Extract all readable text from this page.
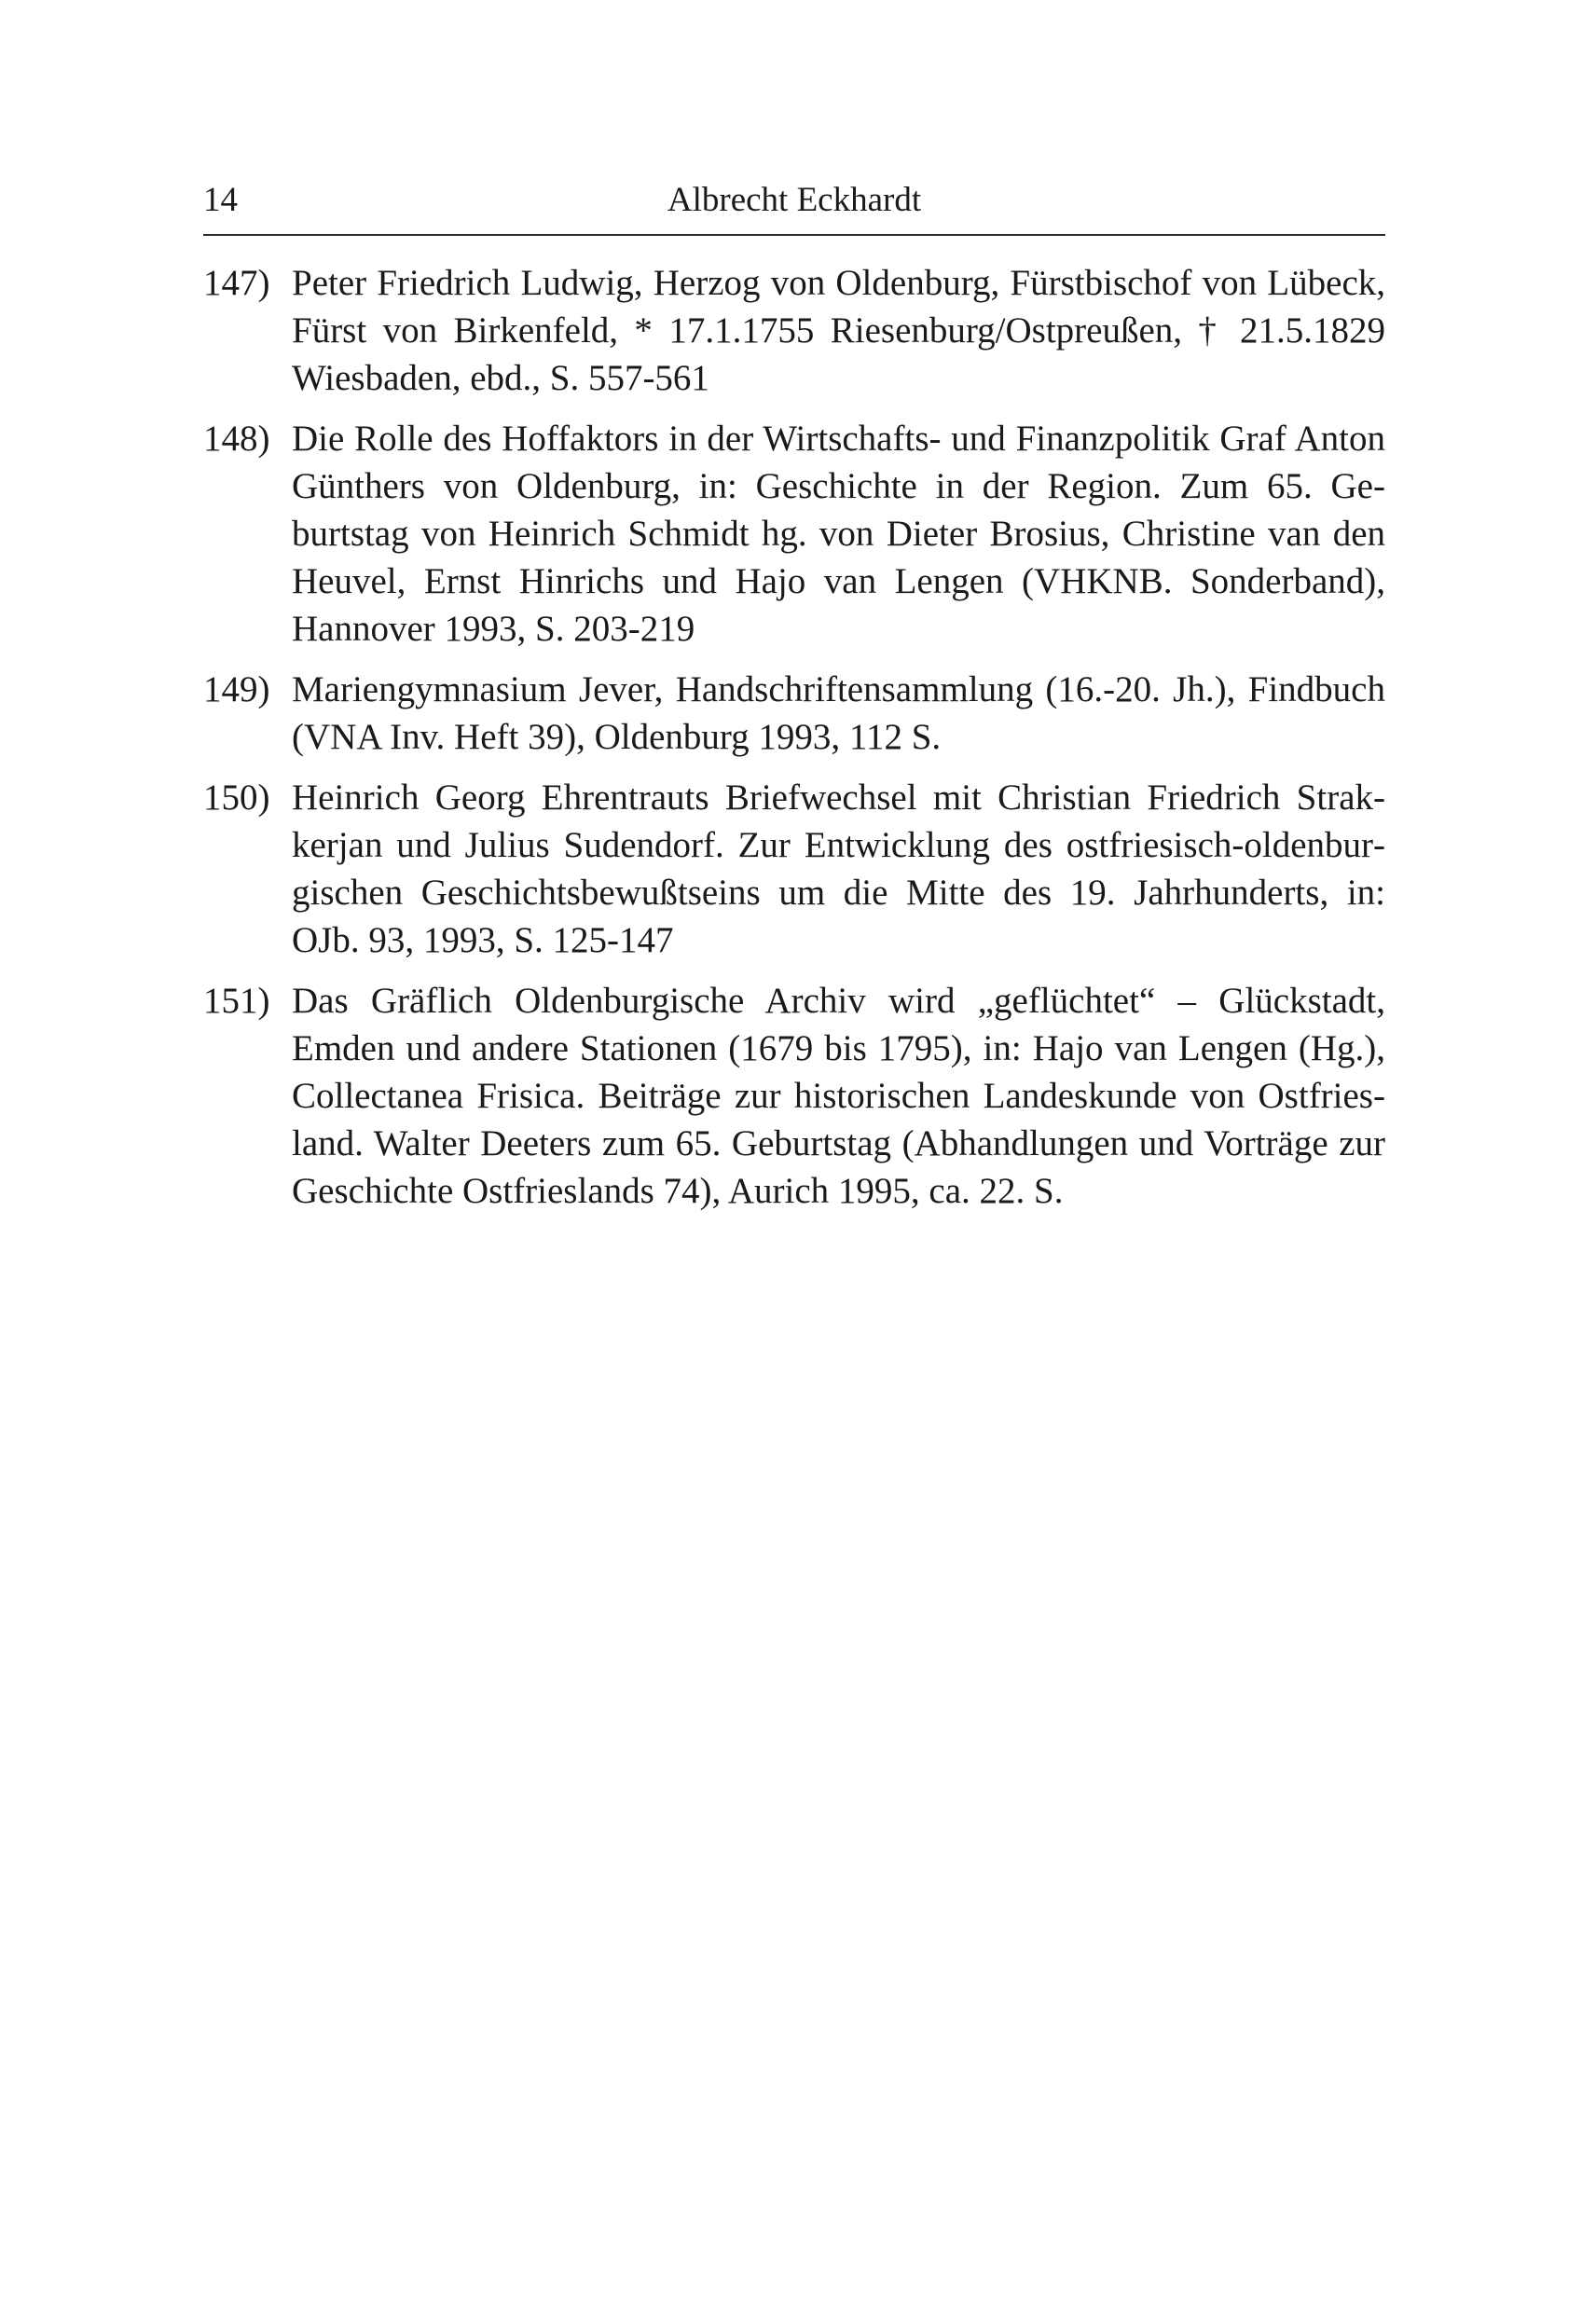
14	Albrecht Eckhardt
147) Peter Friedrich Ludwig, Herzog von Oldenburg, Fürstbischof von Lübeck, Fürst von Birkenfeld, * 17.1.1755 Riesenburg/Ostpreußen, † 21.5.1829 Wiesbaden, ebd., S. 557-561
148) Die Rolle des Hoffaktors in der Wirtschafts- und Finanzpolitik Graf Anton Günthers von Oldenburg, in: Geschichte in der Region. Zum 65. Geburtstag von Heinrich Schmidt hg. von Dieter Brosius, Christine van den Heuvel, Ernst Hinrichs und Hajo van Lengen (VHKNB. Sonderband), Hannover 1993, S. 203-219
149) Mariengymnasium Jever, Handschriftensammlung (16.-20. Jh.), Findbuch (VNA Inv. Heft 39), Oldenburg 1993, 112 S.
150) Heinrich Georg Ehrentrauts Briefwechsel mit Christian Friedrich Strakkerjan und Julius Sudendorf. Zur Entwicklung des ostfriesisch-oldenburgischen Geschichtsbewußtseins um die Mitte des 19. Jahrhunderts, in: OJb. 93, 1993, S. 125-147
151) Das Gräflich Oldenburgische Archiv wird „geflüchtet“ – Glückstadt, Emden und andere Stationen (1679 bis 1795), in: Hajo van Lengen (Hg.), Collectanea Frisica. Beiträge zur historischen Landeskunde von Ostfriesland. Walter Deeters zum 65. Geburtstag (Abhandlungen und Vorträge zur Geschichte Ostfrieslands 74), Aurich 1995, ca. 22. S.
